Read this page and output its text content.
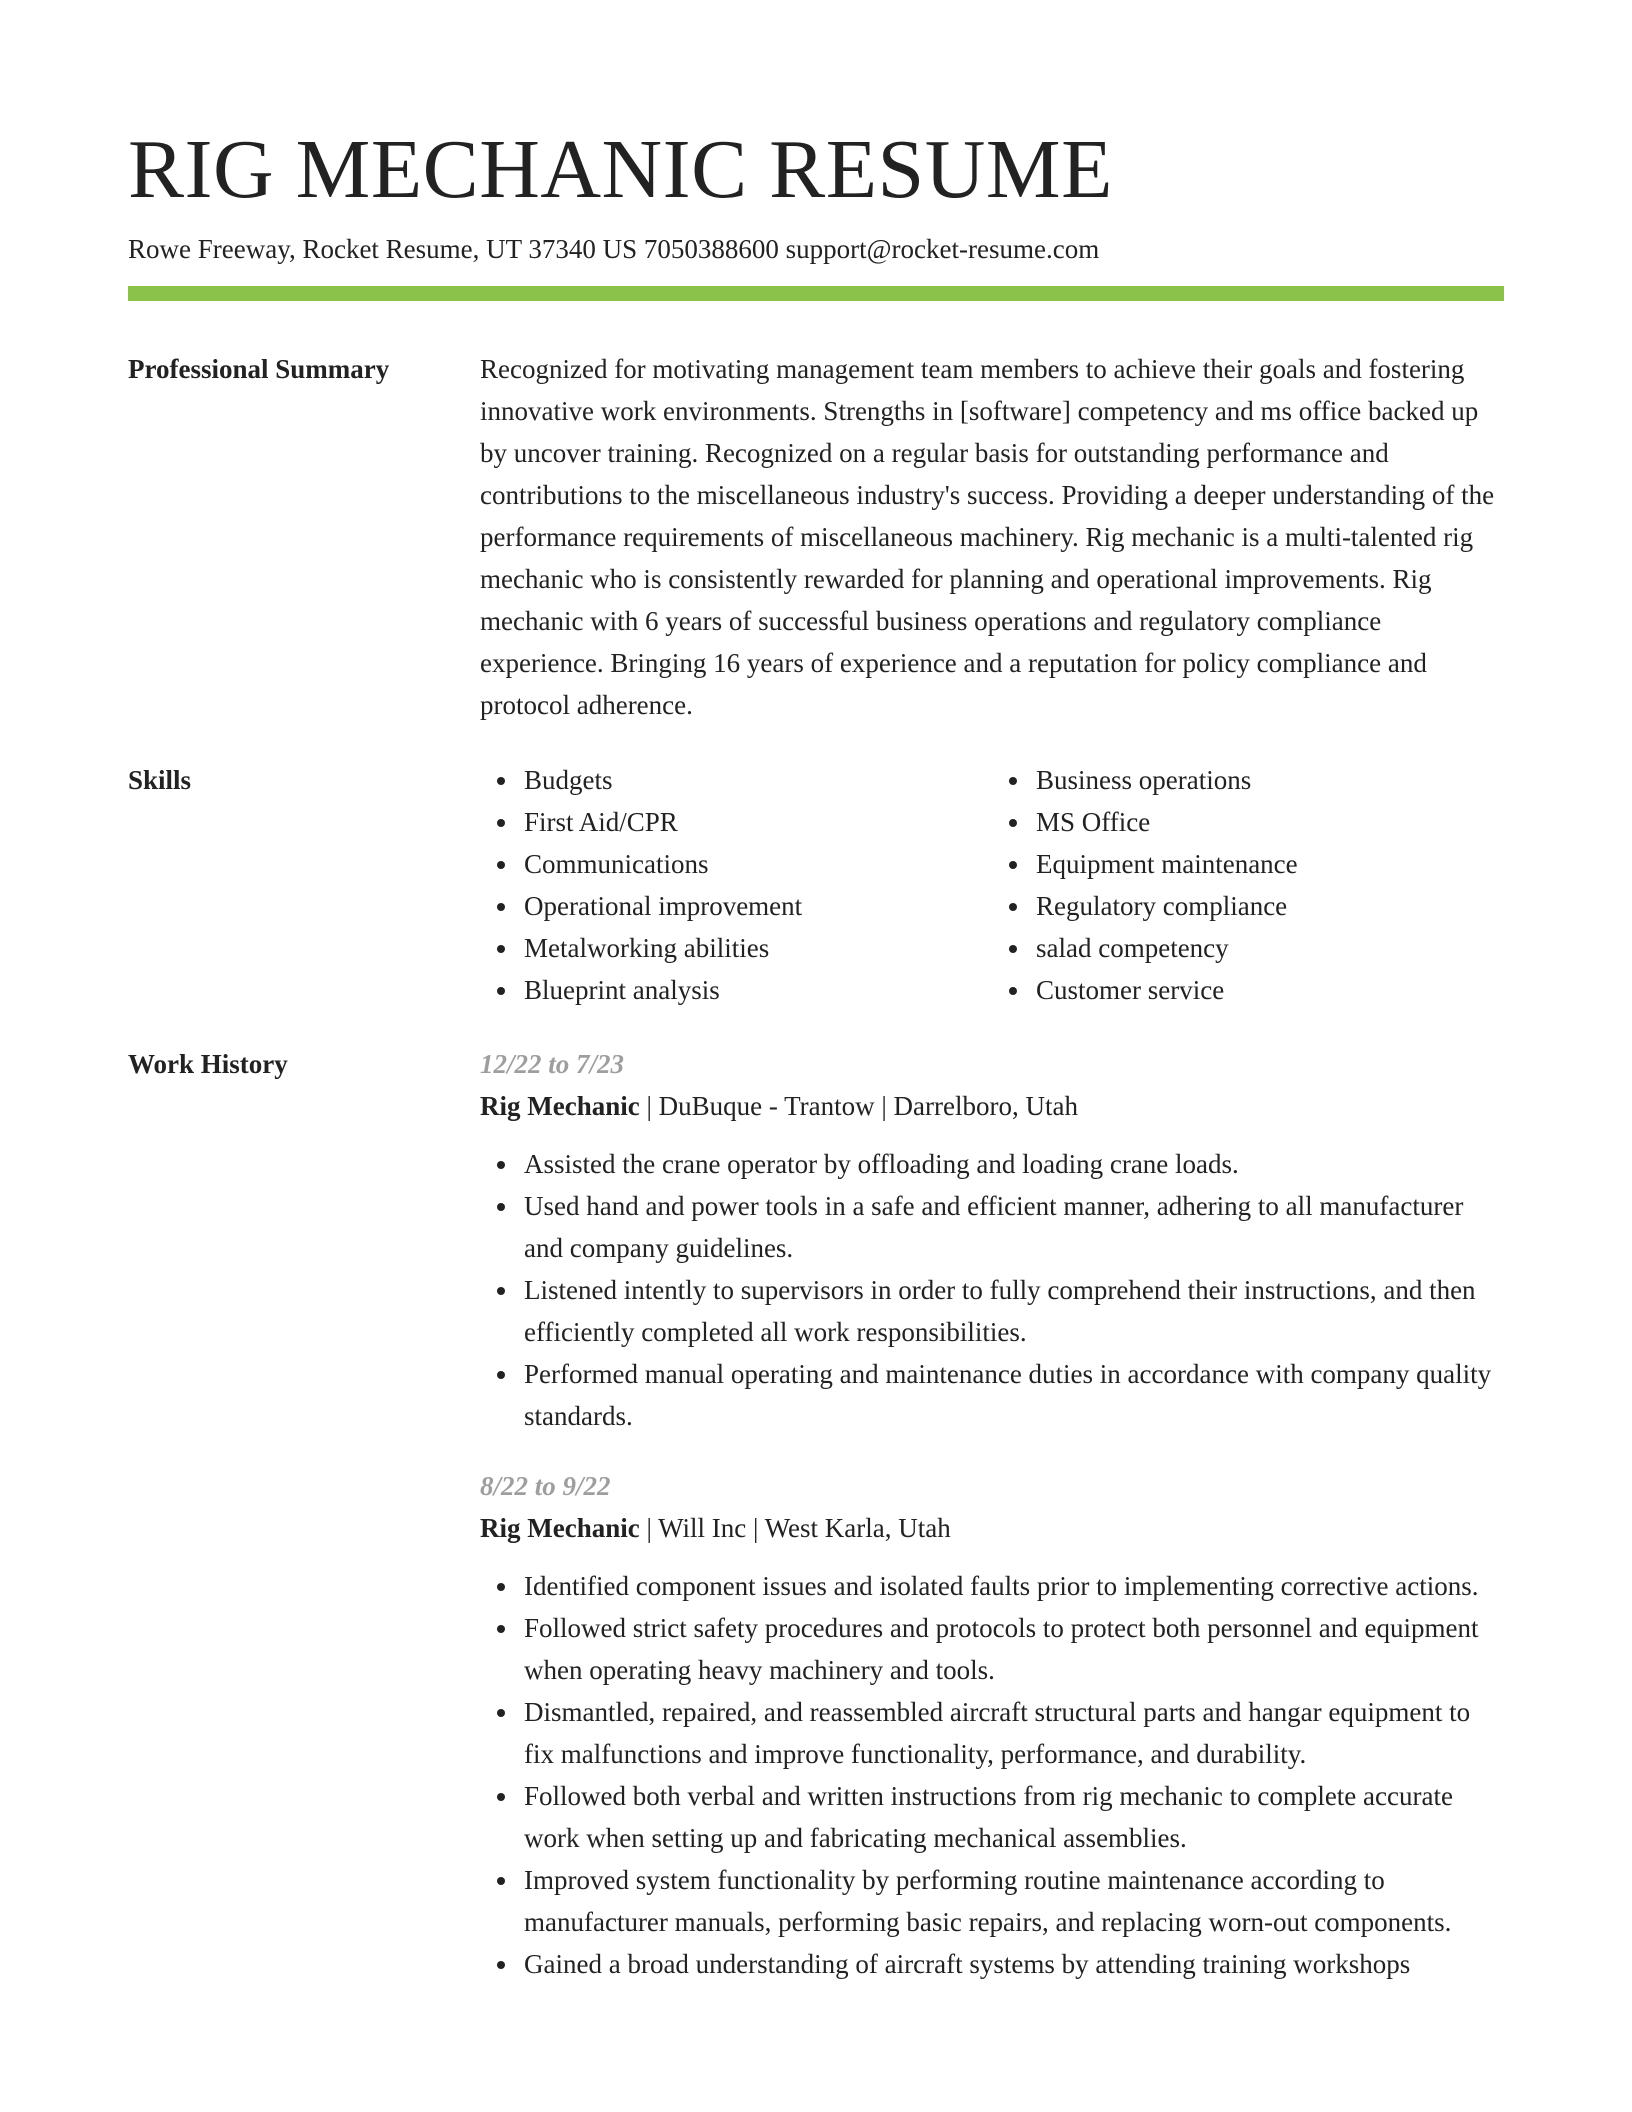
RIG MECHANIC RESUME
Rowe Freeway, Rocket Resume, UT 37340 US 7050388600 support@rocket-resume.com
Professional Summary	Recognized for motivating management team members to achieve their goals and fostering innovative work environments. Strengths in [software] competency and ms office backed up by uncover training. Recognized on a regular basis for outstanding performance and contributions to the miscellaneous industry's success. Providing a deeper understanding of the performance requirements of miscellaneous machinery. Rig mechanic is a multi-talented rig mechanic who is consistently rewarded for planning and operational improvements. Rig mechanic with 6 years of successful business operations and regulatory compliance experience. Bringing 16 years of experience and a reputation for policy compliance and protocol adherence.

Skills	Budgets
First Aid/CPR
Communications
Operational improvement
Metalworking abilities
Blueprint analysis
Business operations
MS Office
Equipment maintenance
Regulatory compliance
salad competency
Customer service
Work History	12/22 to 7/23
Rig Mechanic | DuBuque - Trantow | Darrelboro, Utah
Assisted the crane operator by offloading and loading crane loads.
Used hand and power tools in a safe and efficient manner, adhering to all manufacturer and company guidelines.
Listened intently to supervisors in order to fully comprehend their instructions, and then efficiently completed all work responsibilities.
Performed manual operating and maintenance duties in accordance with company quality standards.
8/22 to 9/22
Rig Mechanic | Will Inc | West Karla, Utah
Identified component issues and isolated faults prior to implementing corrective actions.
Followed strict safety procedures and protocols to protect both personnel and equipment when operating heavy machinery and tools.
Dismantled, repaired, and reassembled aircraft structural parts and hangar equipment to fix malfunctions and improve functionality, performance, and durability.
Followed both verbal and written instructions from rig mechanic to complete accurate work when setting up and fabricating mechanical assemblies.
Improved system functionality by performing routine maintenance according to manufacturer manuals, performing basic repairs, and replacing worn-out components.
Gained a broad understanding of aircraft systems by attending training workshops
